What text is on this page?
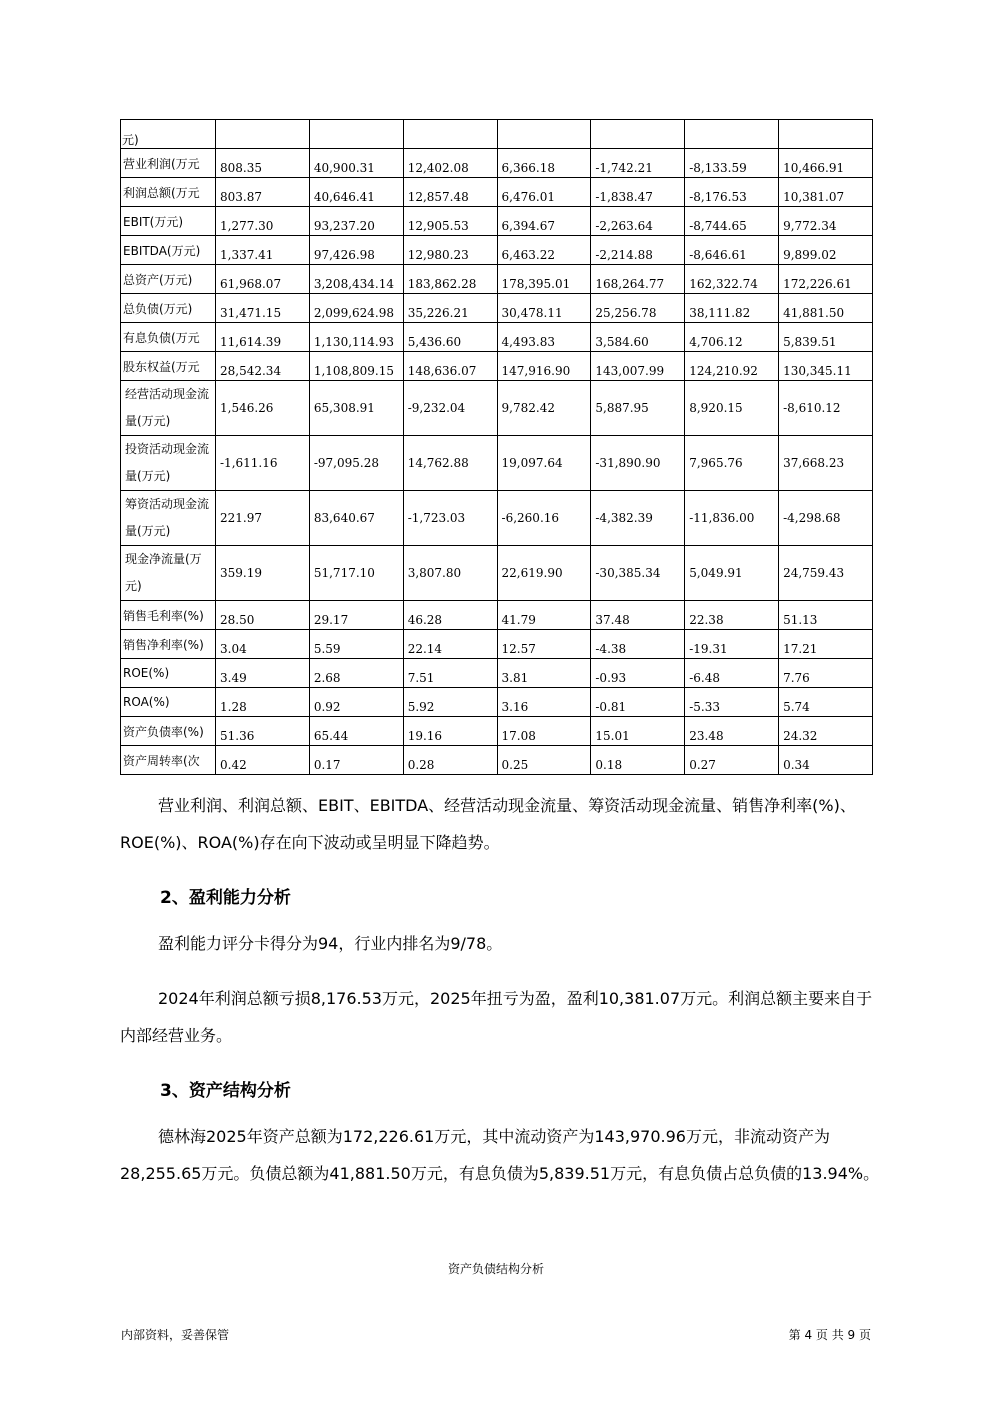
元)							
营业利润(万元	808.35	40,900.31	12,402.08	6,366.18	-1,742.21	-8,133.59	10,466.91
利润总额(万元	803.87	40,646.41	12,857.48	6,476.01	-1,838.47	-8,176.53	10,381.07
EBIT(万元)	1,277.30	93,237.20	12,905.53	6,394.67	-2,263.64	-8,744.65	9,772.34
EBITDA(万元)	1,337.41	97,426.98	12,980.23	6,463.22	-2,214.88	-8,646.61	9,899.02
总资产(万元)	61,968.07	3,208,434.14	183,862.28	178,395.01	168,264.77	162,322.74	172,226.61
总负债(万元)	31,471.15	2,099,624.98	35,226.21	30,478.11	25,256.78	38,111.82	41,881.50
有息负债(万元	11,614.39	1,130,114.93	5,436.60	4,493.83	3,584.60	4,706.12	5,839.51
股东权益(万元	28,542.34	1,108,809.15	148,636.07	147,916.90	143,007.99	124,210.92	130,345.11
经营活动现金流量(万元)	1,546.26	65,308.91	-9,232.04	9,782.42	5,887.95	8,920.15	-8,610.12
投资活动现金流量(万元)	-1,611.16	-97,095.28	14,762.88	19,097.64	-31,890.90	7,965.76	37,668.23
筹资活动现金流量(万元)	221.97	83,640.67	-1,723.03	-6,260.16	-4,382.39	-11,836.00	-4,298.68
现金净流量(万元)	359.19	51,717.10	3,807.80	22,619.90	-30,385.34	5,049.91	24,759.43
销售毛利率(%)	28.50	29.17	46.28	41.79	37.48	22.38	51.13
销售净利率(%)	3.04	5.59	22.14	12.57	-4.38	-19.31	17.21
ROE(%)	3.49	2.68	7.51	3.81	-0.93	-6.48	7.76
ROA(%)	1.28	0.92	5.92	3.16	-0.81	-5.33	5.74
资产负债率(%)	51.36	65.44	19.16	17.08	15.01	23.48	24.32
资产周转率(次	0.42	0.17	0.28	0.25	0.18	0.27	0.34
营业利润、利润总额、EBIT、EBITDA、经营活动现金流量、筹资活动现金流量、销售净利率(%)、ROE(%)、ROA(%)存在向下波动或呈明显下降趋势。
2、盈利能力分析
盈利能力评分卡得分为94，行业内排名为9/78。
2024年利润总额亏损8,176.53万元，2025年扭亏为盈，盈利10,381.07万元。利润总额主要来自于内部经营业务。
3、资产结构分析
德林海2025年资产总额为172,226.61万元，其中流动资产为143,970.96万元，非流动资产为28,255.65万元。负债总额为41,881.50万元，有息负债为5,839.51万元，有息负债占总负债的13.94%。
资产负债结构分析
内部资料，妥善保管	第 4 页 共 9 页
